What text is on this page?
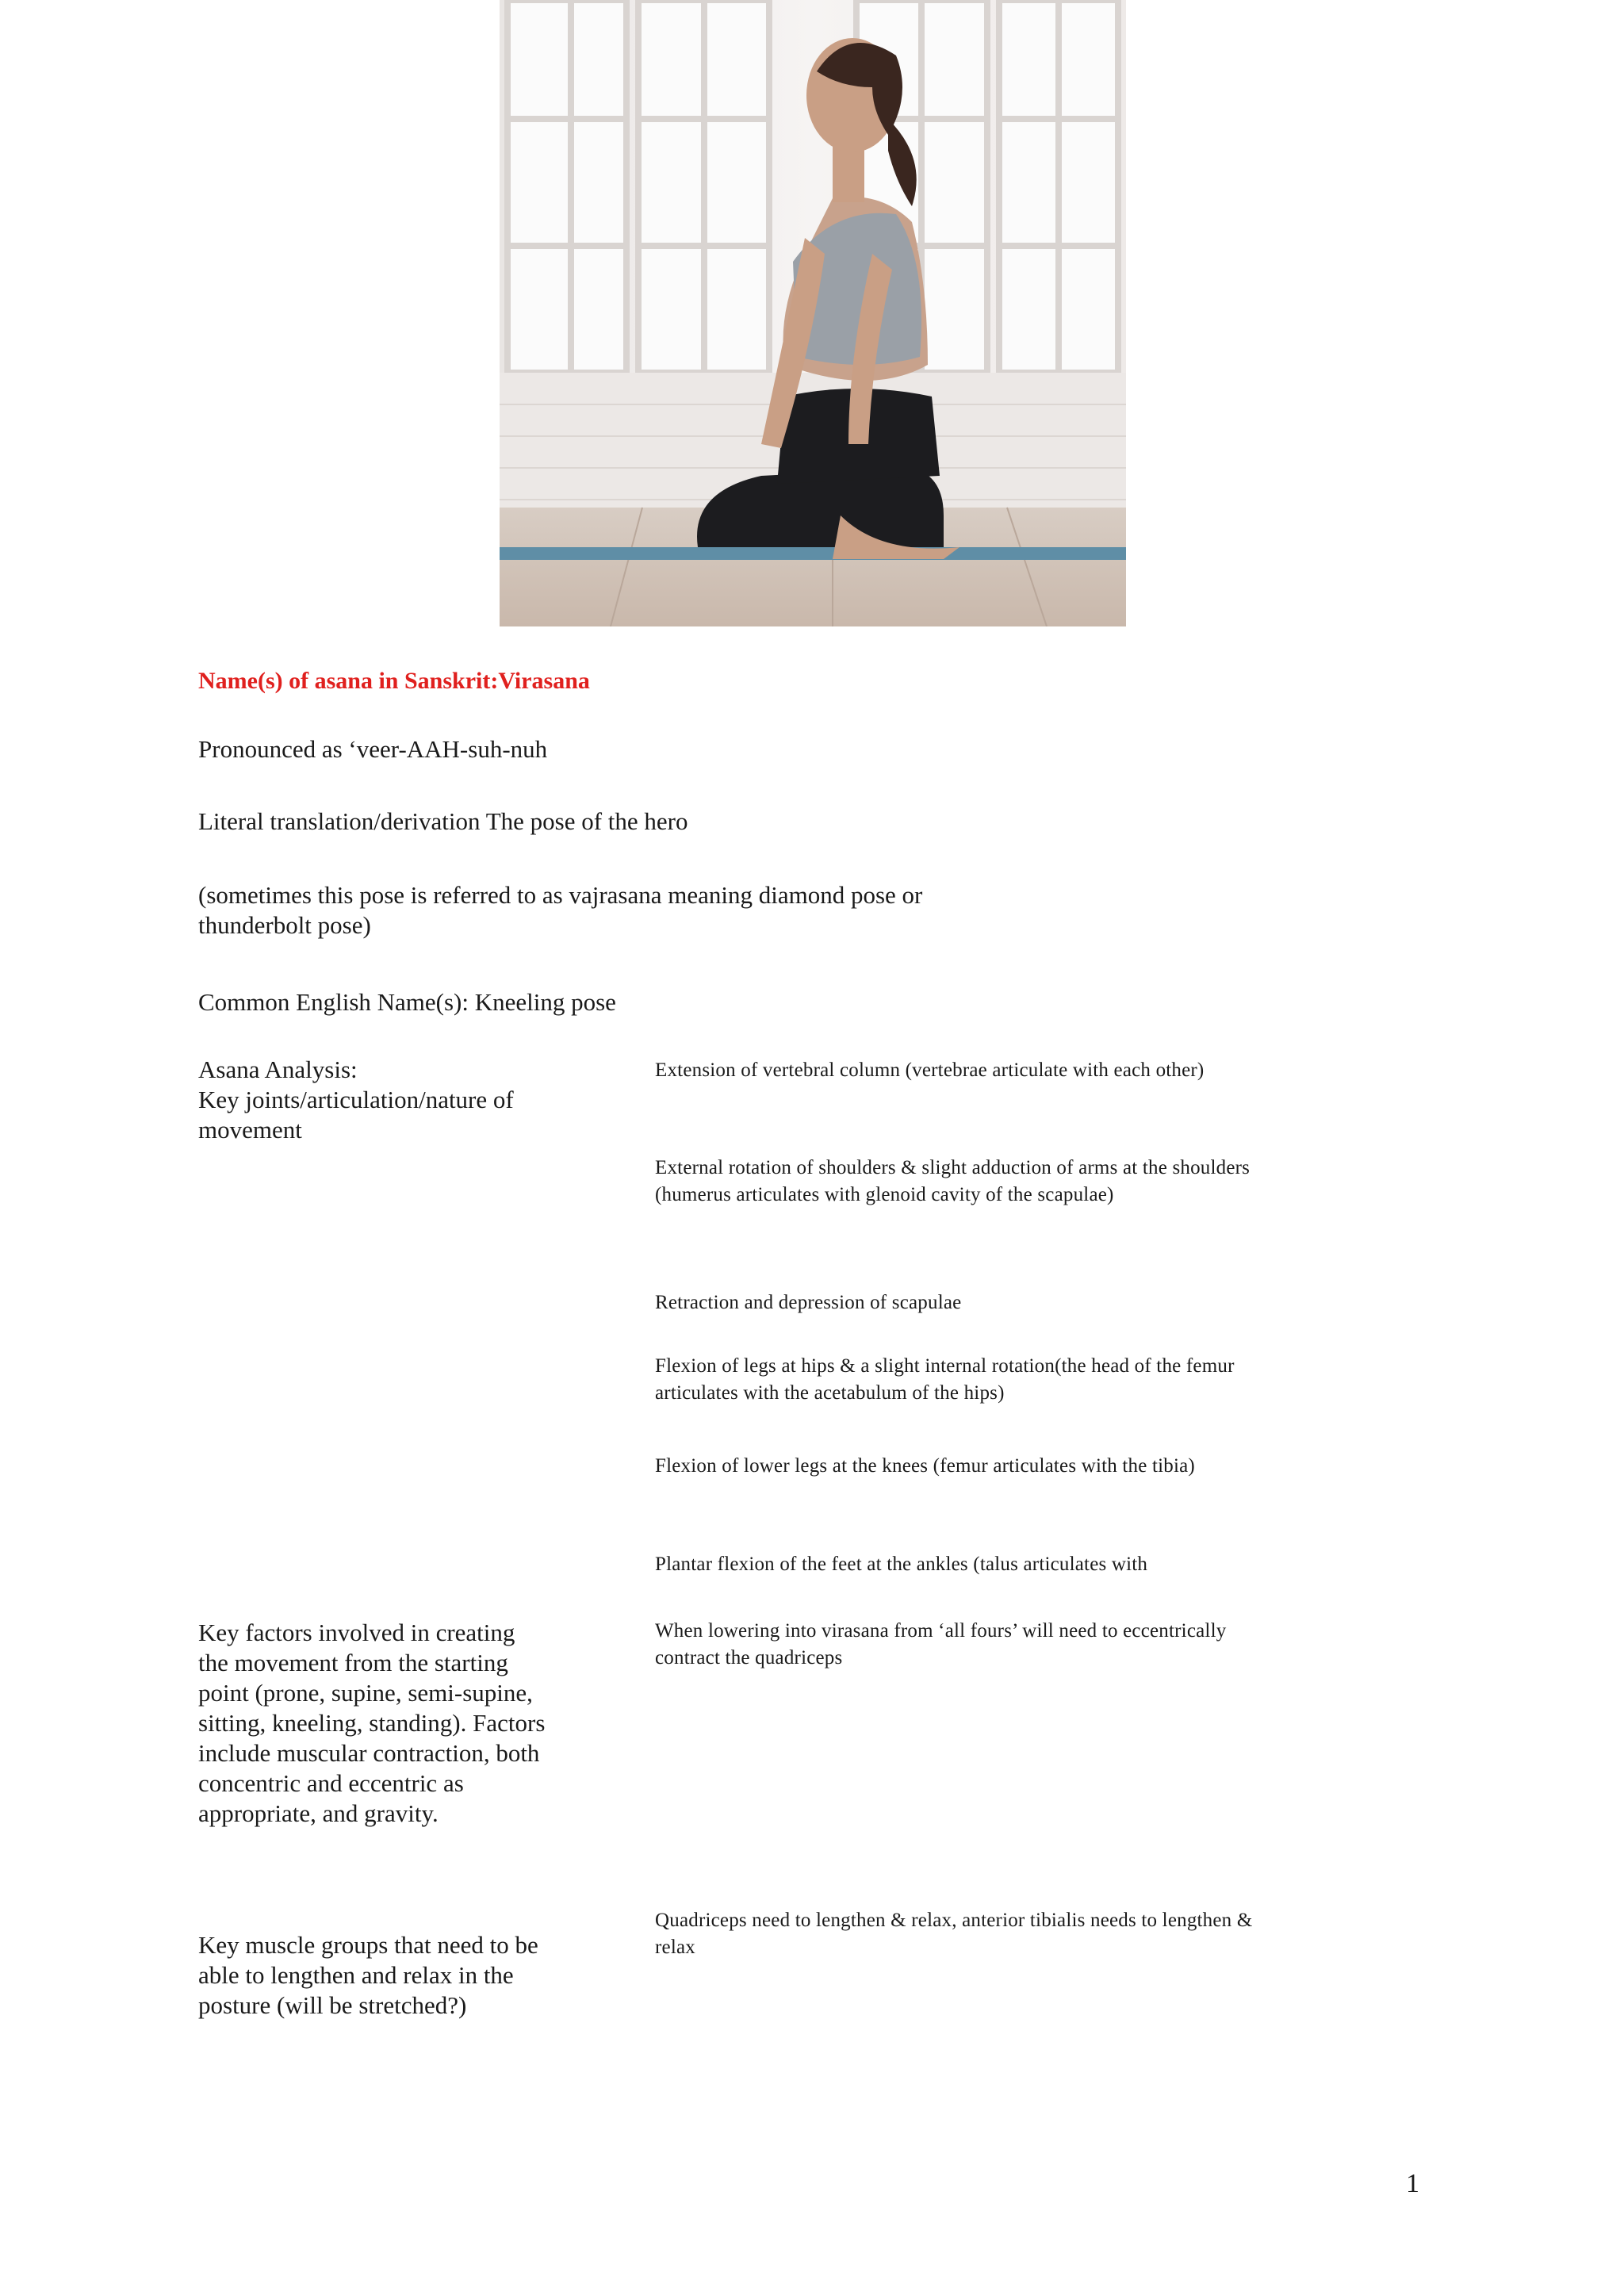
Name(s) of asana in Sanskrit:Virasana
Pronounced as ‘veer-AAH-suh-nuh
Literal translation/derivation The pose of the hero
(sometimes this pose is referred to as vajrasana meaning diamond pose or thunderbolt pose)
Common English Name(s): Kneeling pose
Asana Analysis:
Key joints/articulation/nature of movement
Extension of vertebral column (vertebrae articulate with each other)
External rotation of shoulders & slight adduction of arms at the shoulders (humerus articulates with glenoid cavity of the scapulae)
Retraction and depression of scapulae
Flexion of legs at hips & a slight internal rotation(the head of the femur articulates with the acetabulum of the hips)
Flexion of lower legs at the knees (femur articulates with the tibia)
Plantar flexion of the feet at the ankles (talus articulates with
Key factors involved in creating the movement from the starting point (prone, supine, semi-supine, sitting, kneeling, standing). Factors include muscular contraction, both concentric and eccentric as appropriate, and gravity.
When lowering into virasana from ‘all fours’ will need to eccentrically contract the quadriceps
Key muscle groups that need to be able to lengthen and relax in the posture (will be stretched?)
Quadriceps need to lengthen & relax, anterior tibialis needs to lengthen & relax
1
